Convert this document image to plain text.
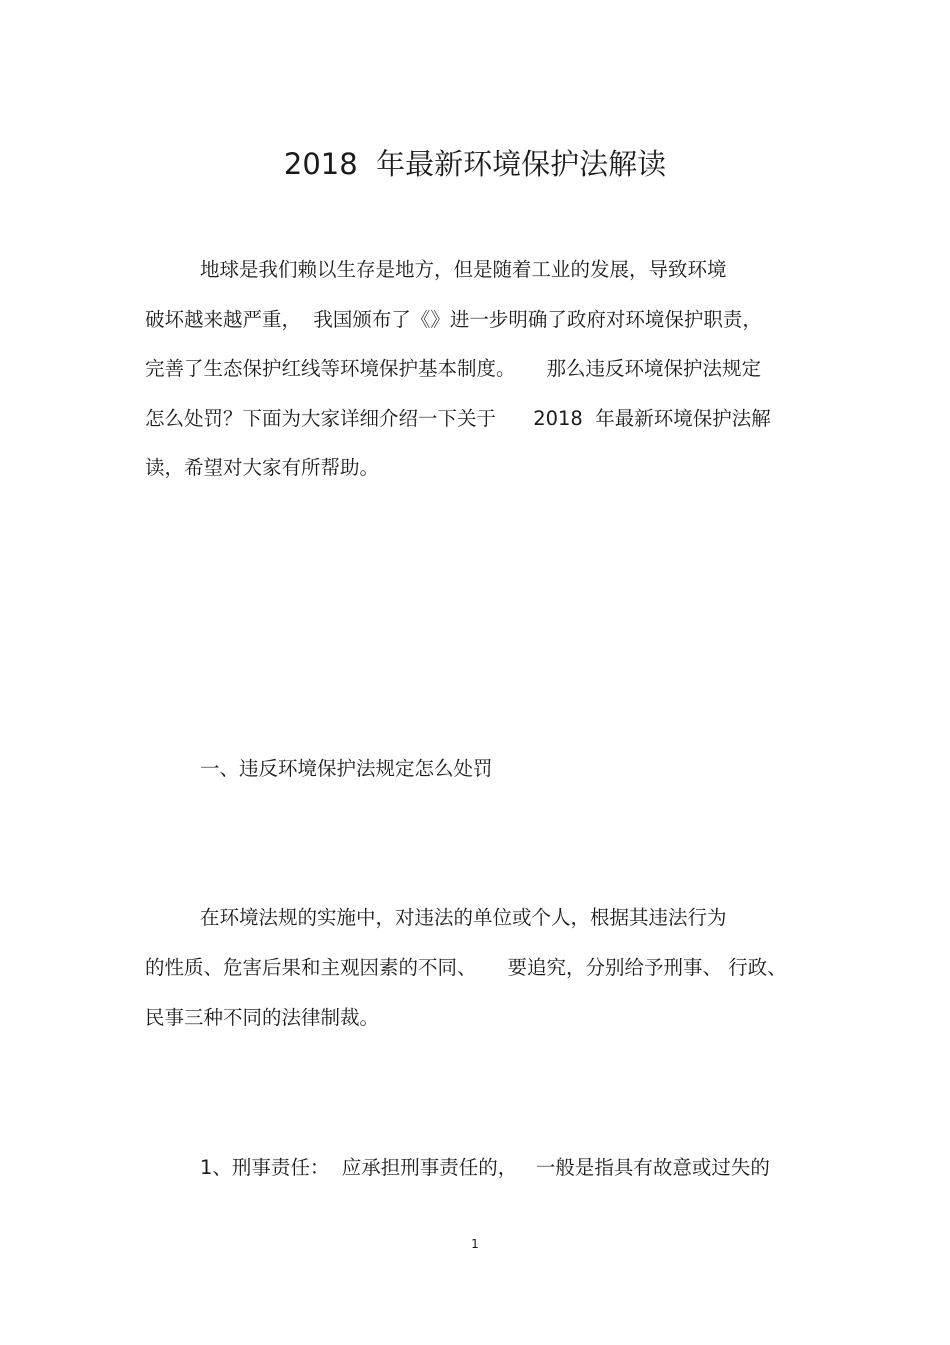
2018  年最新环境保护法解读
地球是我们赖以生存是地方，但是随着工业的发展，导致环境
破坏越来越严重，  我国颁布了《》进一步明确了政府对环境保护职责，
完善了生态保护红线等环境保护基本制度。     那么违反环境保护法规定
怎么处罚？下面为大家详细介绍一下关于      2018  年最新环境保护法解
读，希望对大家有所帮助。
一、违反环境保护法规定怎么处罚
在环境法规的实施中，对违法的单位或个人，根据其违法行为
的性质、危害后果和主观因素的不同、     要追究，分别给予刑事、 行政、
民事三种不同的法律制裁。
1、刑事责任：  应承担刑事责任的，   一般是指具有故意或过失的
1
